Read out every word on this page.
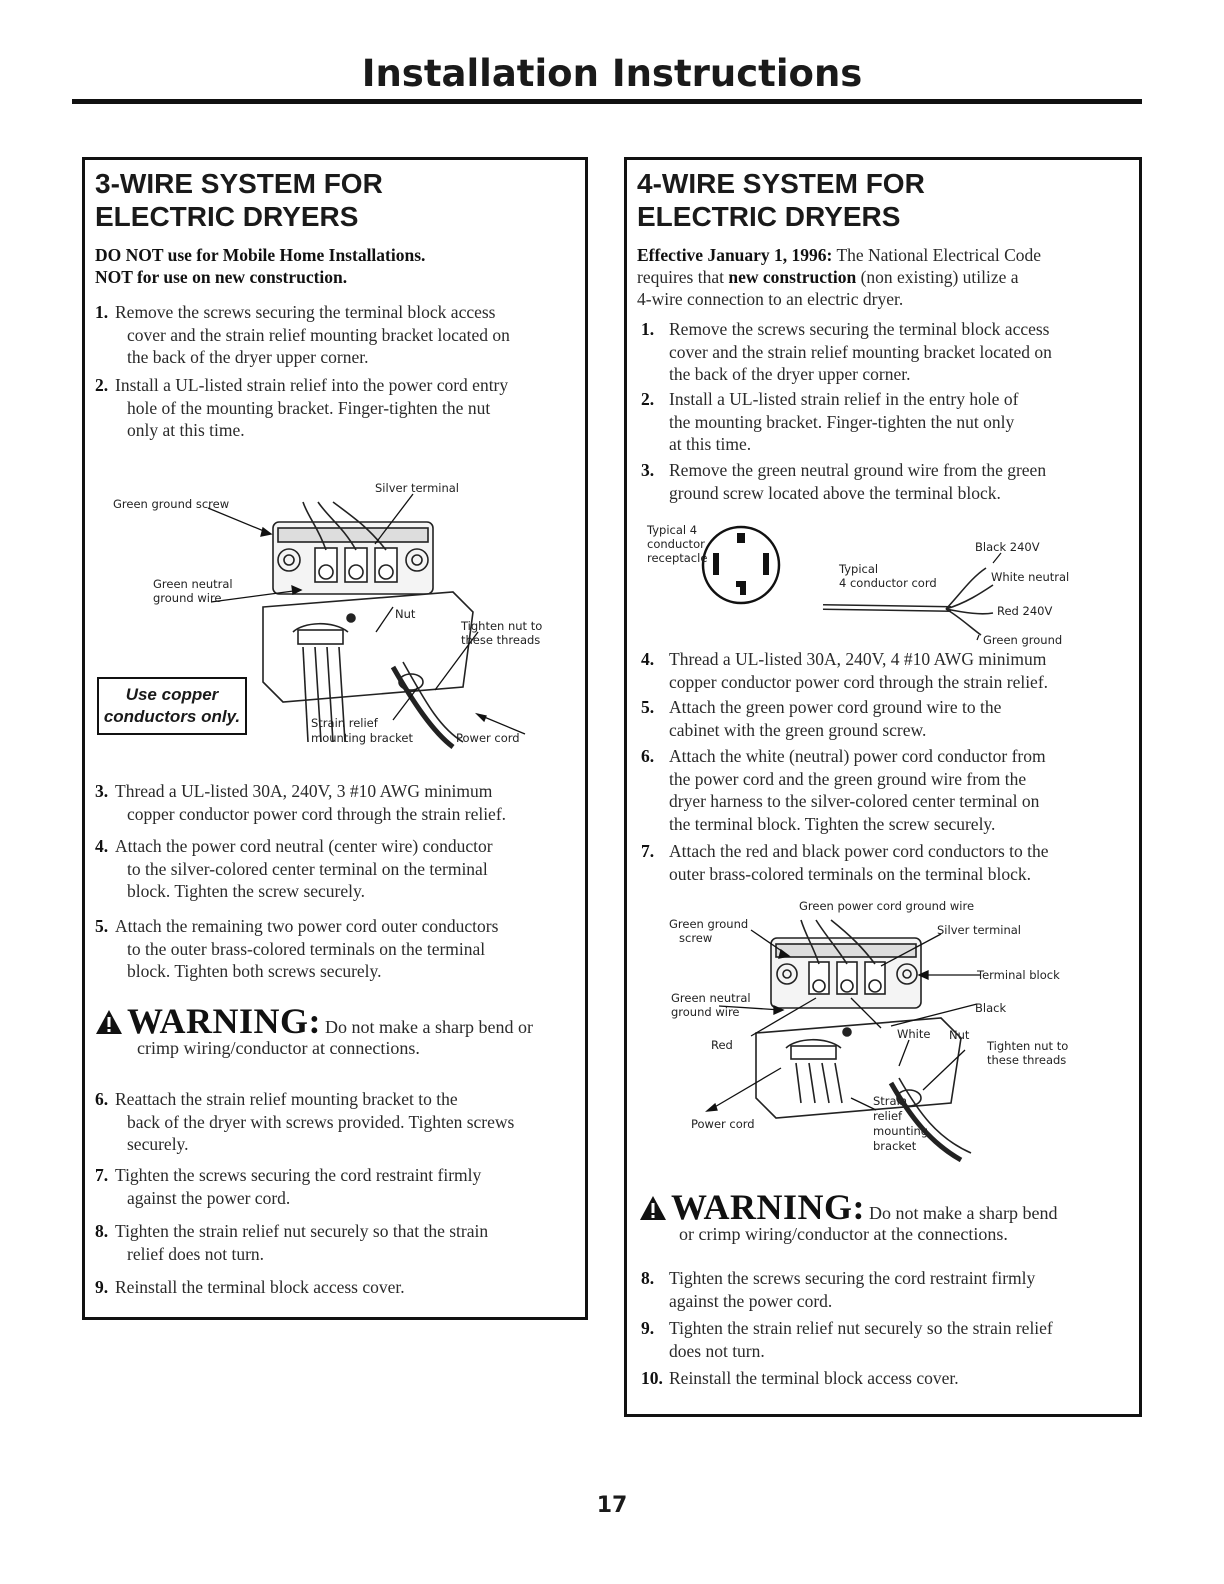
Installation Instructions
3-WIRE SYSTEM FOR
ELECTRIC DRYERS
DO NOT use for Mobile Home Installations.
NOT for use on new construction.
1. Remove the screws securing the terminal block access
cover and the strain relief mounting bracket located on
the back of the dryer upper corner.
2. Install a UL-listed strain relief into the power cord entry
hole of the mounting bracket. Finger-tighten the nut
only at this time.
Green ground screw
Silver terminal
Green neutral
ground wire
Nut
Tighten nut to
these threads
Strain relief
mounting bracket	Power cord
Use copper
conductors only.
3. Thread a UL-listed 30A, 240V, 3 #10 AWG minimum
copper conductor power cord through the strain relief.
4. Attach the power cord neutral (center wire) conductor
to the silver-colored center terminal on the terminal
block. Tighten the screw securely.
5. Attach the remaining two power cord outer conductors
to the outer brass-colored terminals on the terminal
block. Tighten both screws securely.
WARNING: Do not make a sharp bend or
crimp wiring/conductor at connections.
6. Reattach the strain relief mounting bracket to the
back of the dryer with screws provided. Tighten screws
securely.
7. Tighten the screws securing the cord restraint firmly
against the power cord.
8. Tighten the strain relief nut securely so that the strain
relief does not turn.
9. Reinstall the terminal block access cover.
4-WIRE SYSTEM FOR
ELECTRIC DRYERS
Effective January 1, 1996: The National Electrical Code
requires that new construction (non existing) utilize a
4-wire connection to an electric dryer.
1. Remove the screws securing the terminal block access
cover and the strain relief mounting bracket located on
the back of the dryer upper corner.
2. Install a UL-listed strain relief in the entry hole of
the mounting bracket. Finger-tighten the nut only
at this time.
3. Remove the green neutral ground wire from the green
ground screw located above the terminal block.
Typical 4
conductor
receptacle
Typical
4 conductor cord
Black 240V
White neutral
Red 240V
Green ground
4. Thread a UL-listed 30A, 240V, 4 #10 AWG minimum
copper conductor power cord through the strain relief.
5. Attach the green power cord ground wire to the
cabinet with the green ground screw.
6. Attach the white (neutral) power cord conductor from
the power cord and the green ground wire from the
dryer harness to the silver-colored center terminal on
the terminal block. Tighten the screw securely.
7. Attach the red and black power cord conductors to the
outer brass-colored terminals on the terminal block.
Green power cord ground wire
Green ground
screw
Silver terminal
Terminal block
Green neutral
ground wire	Black
White Nut
Red	Tighten nut to
these threads
Strain
relief
mounting
bracket
Power cord
WARNING: Do not make a sharp bend
or crimp wiring/conductor at the connections.
8. Tighten the screws securing the cord restraint firmly
against the power cord.
9. Tighten the strain relief nut securely so the strain relief
does not turn.
10. Reinstall the terminal block access cover.
17
